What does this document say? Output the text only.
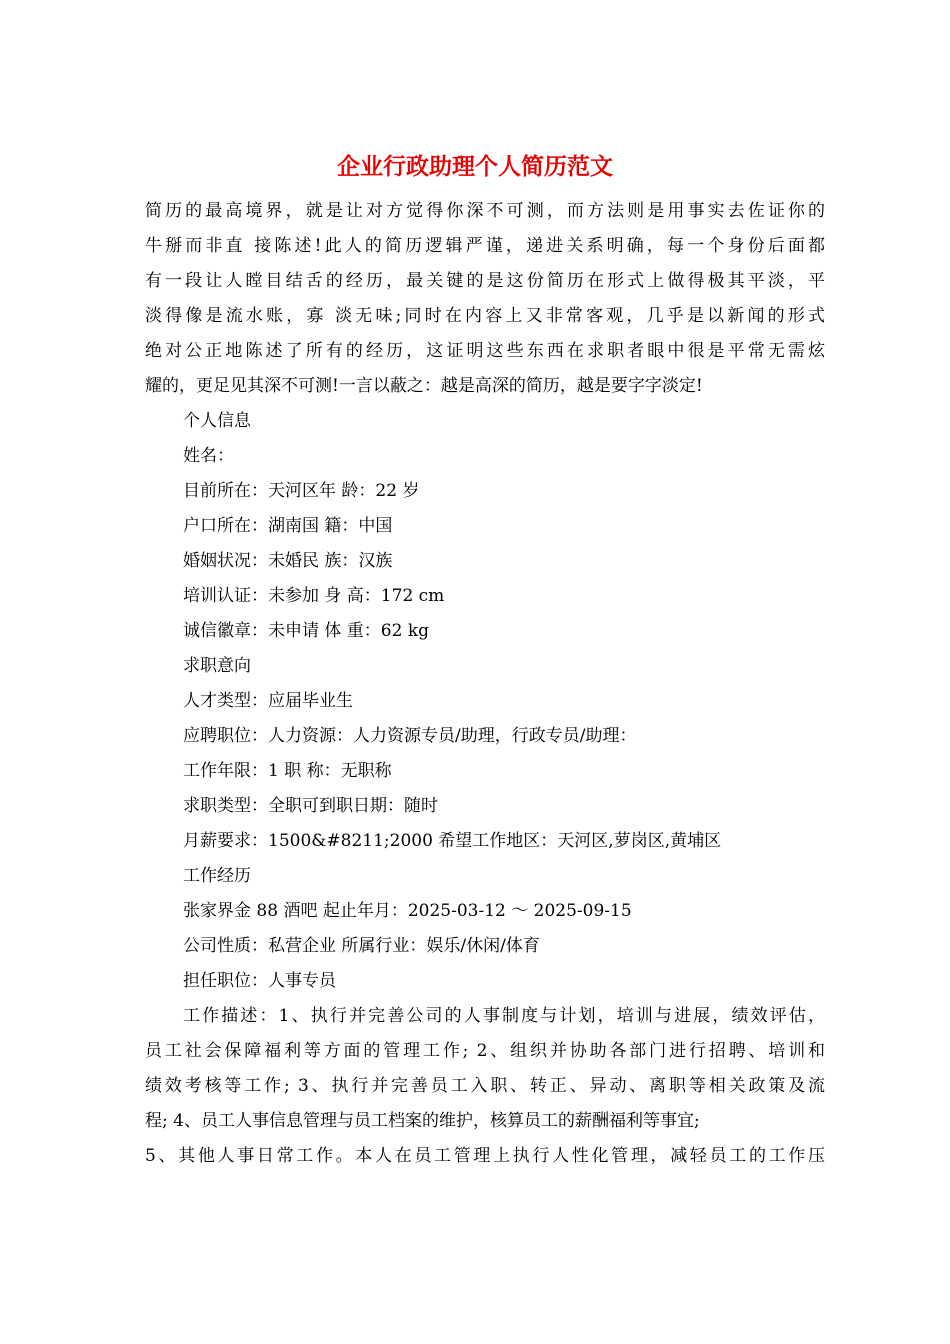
企业行政助理个人简历范文

简历的最高境界，就是让对方觉得你深不可测，而方法则是用事实去佐证你的

牛掰而非直 接陈述!此人的简历逻辑严谨，递进关系明确，每一个身份后面都

有一段让人瞠目结舌的经历，最关键的是这份简历在形式上做得极其平淡，平

淡得像是流水账，寡 淡无味;同时在内容上又非常客观，几乎是以新闻的形式

绝对公正地陈述了所有的经历，这证明这些东西在求职者眼中很是平常无需炫

耀的，更足见其深不可测!一言以蔽之：越是高深的简历，越是要字字淡定!

个人信息

姓名：

目前所在：天河区年 龄：22 岁

户口所在：湖南国 籍：中国

婚姻状况：未婚民 族：汉族

培训认证：未参加 身 高：172 cm

诚信徽章：未申请 体 重：62 kg

求职意向

人才类型：应届毕业生

应聘职位：人力资源：人力资源专员/助理，行政专员/助理：

工作年限：1 职 称：无职称

求职类型：全职可到职日期：随时

月薪要求：1500&#8211;2000 希望工作地区：天河区,萝岗区,黄埔区

工作经历

张家界金 88 酒吧 起止年月：2025-03-12 ～ 2025-09-15

公司性质：私营企业 所属行业：娱乐/休闲/体育

担任职位：人事专员

工作描述：1、执行并完善公司的人事制度与计划，培训与进展，绩效评估，

员工社会保障福利等方面的管理工作; 2、组织并协助各部门进行招聘、培训和

绩效考核等工作; 3、执行并完善员工入职、转正、异动、离职等相关政策及流

程; 4、员工人事信息管理与员工档案的维护，核算员工的薪酬福利等事宜;

5、其他人事日常工作。本人在员工管理上执行人性化管理，减轻员工的工作压
